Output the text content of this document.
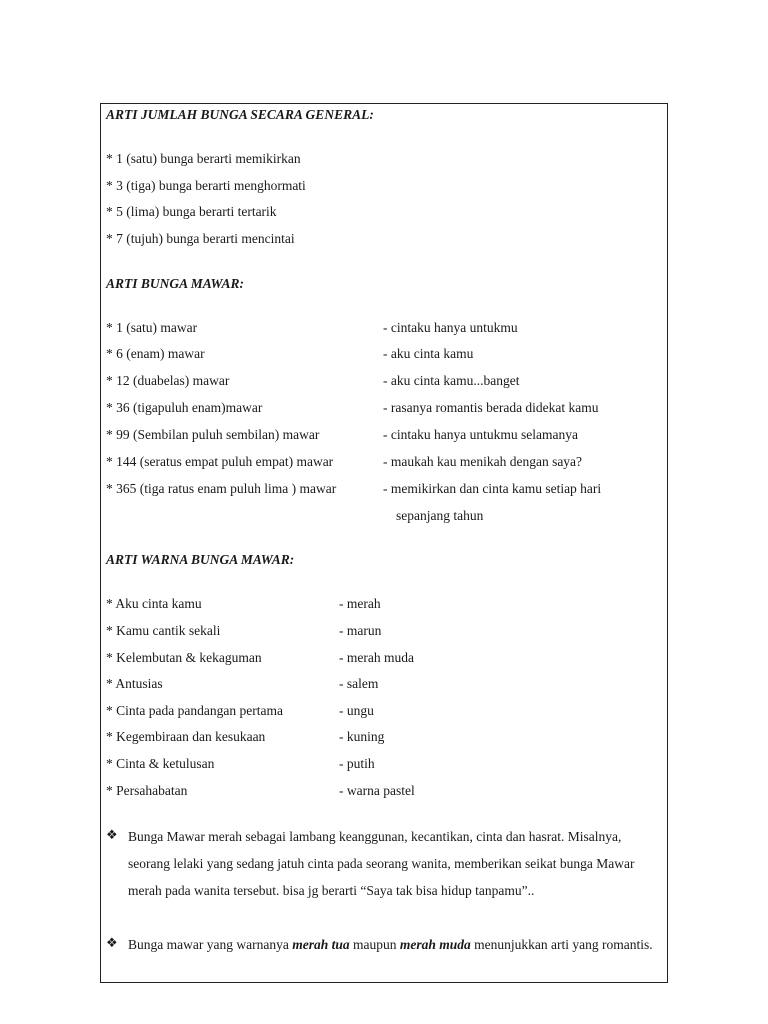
ARTI JUMLAH BUNGA SECARA GENERAL:
* 1 (satu) bunga berarti memikirkan
* 3 (tiga) bunga berarti menghormati
* 5 (lima) bunga berarti tertarik
* 7 (tujuh) bunga berarti mencintai
ARTI BUNGA MAWAR:
* 1 (satu) mawar	- cintaku hanya untukmu
* 6 (enam) mawar	- aku cinta kamu
* 12 (duabelas) mawar	- aku cinta kamu...banget
* 36 (tigapuluh enam)mawar	- rasanya romantis berada didekat kamu
* 99 (Sembilan puluh sembilan) mawar	- cintaku hanya untukmu selamanya
* 144 (seratus empat puluh empat) mawar	- maukah kau menikah dengan saya?
* 365 (tiga ratus enam puluh lima ) mawar	- memikirkan dan cinta kamu setiap hari
sepanjang tahun
ARTI WARNA BUNGA MAWAR:
* Aku cinta kamu	- merah
* Kamu cantik sekali	- marun
* Kelembutan & kekaguman	- merah muda
* Antusias	- salem
* Cinta pada pandangan pertama	- ungu
* Kegembiraan dan kesukaan	- kuning
* Cinta & ketulusan	- putih
* Persahabatan	- warna pastel
❖ Bunga Mawar merah sebagai lambang keanggunan, kecantikan, cinta dan hasrat. Misalnya, seorang lelaki yang sedang jatuh cinta pada seorang wanita, memberikan seikat bunga Mawar merah pada wanita tersebut. bisa jg berarti “Saya tak bisa hidup tanpamu”..
❖ Bunga mawar yang warnanya merah tua maupun merah muda menunjukkan arti yang romantis.
